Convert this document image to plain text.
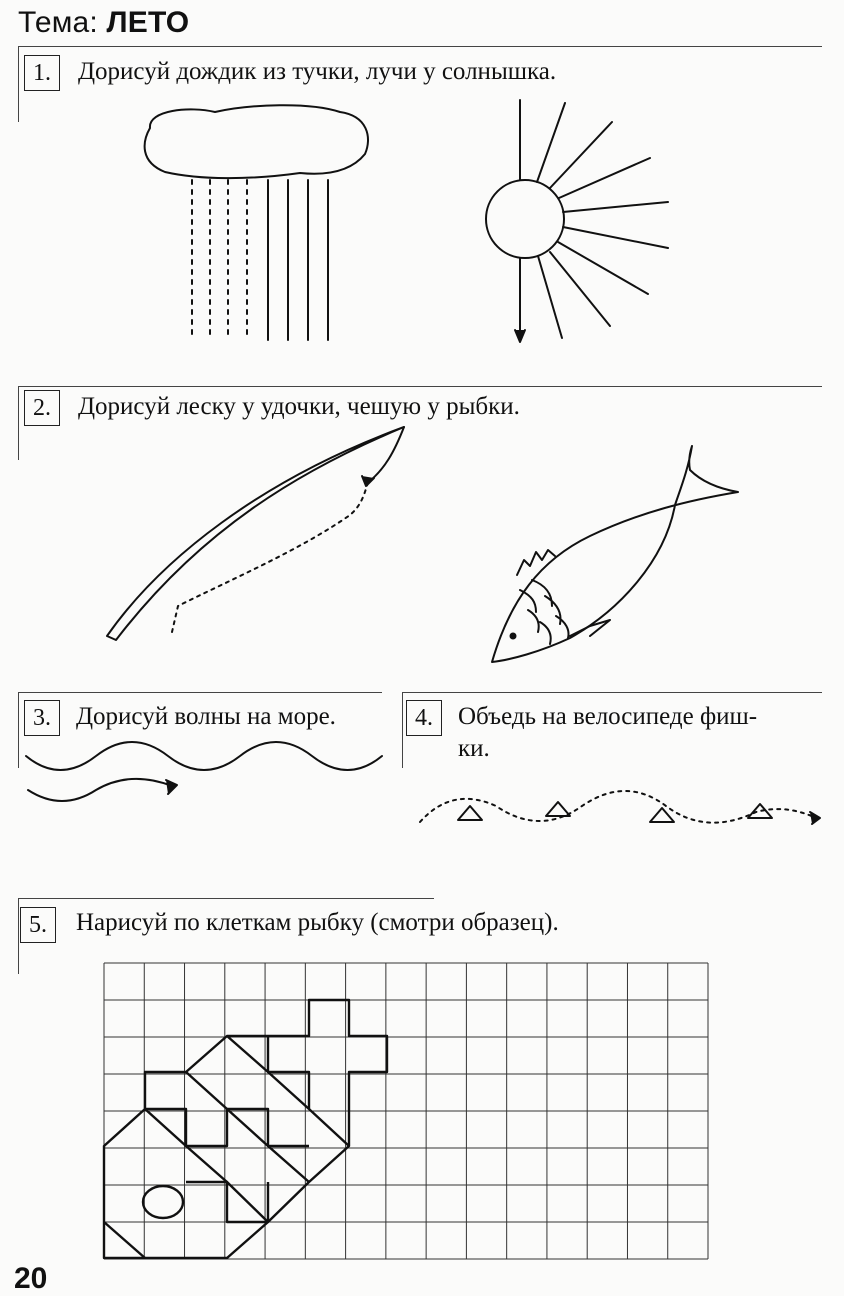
Тема: ЛЕТО
1.	Дорисуй дождик из тучки, лучи у солнышка.
2.	Дорисуй леску у удочки, чешую у рыбки.
3.	Дорисуй волны на море.	4.	Объедь на велосипеде фиш-
ки.
5.	Нарисуй по клеткам рыбку (смотри образец).
20
